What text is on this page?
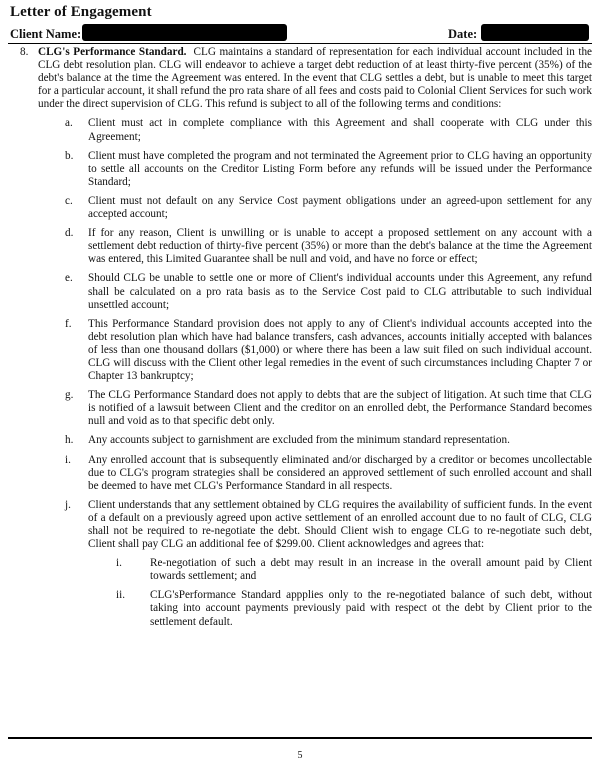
Letter of Engagement
Client Name:	Date:
8. CLG's Performance Standard. CLG maintains a standard of representation for each individual account included in the CLG debt resolution plan. CLG will endeavor to achieve a target debt reduction of at least thirty-five percent (35%) of the debt's balance at the time the Agreement was entered. In the event that CLG settles a debt, but is unable to meet this target for a particular account, it shall refund the pro rata share of all fees and costs paid to Colonial Client Services for such work under the direct supervision of CLG. This refund is subject to all of the following terms and conditions:
a.	Client must act in complete compliance with this Agreement and shall cooperate with CLG under this Agreement;
b.	Client must have completed the program and not terminated the Agreement prior to CLG having an opportunity to settle all accounts on the Creditor Listing Form before any refunds will be issued under the Performance Standard;
c.	Client must not default on any Service Cost payment obligations under an agreed-upon settlement for any accepted account;
d.	If for any reason, Client is unwilling or is unable to accept a proposed settlement on any account with a settlement debt reduction of thirty-five percent (35%) or more than the debt's balance at the time the Agreement was entered, this Limited Guarantee shall be null and void, and have no force or effect;
e.	Should CLG be unable to settle one or more of Client's individual accounts under this Agreement, any refund shall be calculated on a pro rata basis as to the Service Cost paid to CLG attributable to such individual unsettled account;
f.	This Performance Standard provision does not apply to any of Client's individual accounts accepted into the debt resolution plan which have had balance transfers, cash advances, accounts initially accepted with balances of less than one thousand dollars ($1,000) or where there has been a law suit filed on such individual account. CLG will discuss with the Client other legal remedies in the event of such circumstances including Chapter 7 or Chapter 13 bankruptcy;
g.	The CLG Performance Standard does not apply to debts that are the subject of litigation. At such time that CLG is notified of a lawsuit between Client and the creditor on an enrolled debt, the Performance Standard becomes null and void as to that specific debt only.
h.	Any accounts subject to garnishment are excluded from the minimum standard representation.
i.	Any enrolled account that is subsequently eliminated and/or discharged by a creditor or becomes uncollectable due to CLG's program strategies shall be considered an approved settlement of such enrolled account and shall be deemed to have met CLG's Performance Standard in all respects.
j.	Client understands that any settlement obtained by CLG requires the availability of sufficient funds. In the event of a default on a previously agreed upon active settlement of an enrolled account due to no fault of CLG, CLG shall not be required to re-negotiate the debt. Should Client wish to engage CLG to re-negotiate such debt, Client shall pay CLG an additional fee of $299.00. Client acknowledges and agrees that:
i.	Re-negotiation of such a debt may result in an increase in the overall amount paid by Client towards settlement; and
ii.	CLG'sPerformance Standard appplies only to the re-negotiated balance of such debt, without taking into account payments previously paid with respect ot the debt by Client prior to the settlement default.
5
